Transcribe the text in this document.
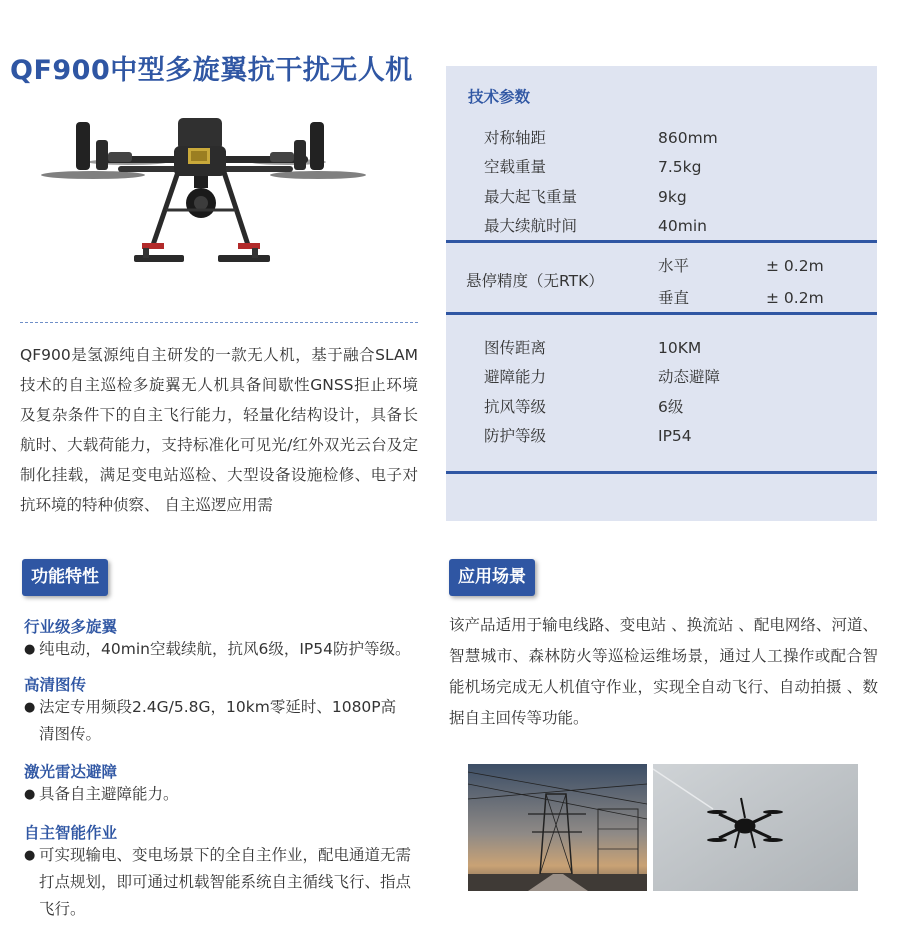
QF900中型多旋翼抗干扰无人机

QF900是氢源纯自主研发的一款无人机，基于融合SLAM技术的自主巡检多旋翼无人机具备间歇性GNSS拒止环境及复杂条件下的自主飞行能力，轻量化结构设计，具备长航时、大载荷能力，支持标准化可见光/红外双光云台及定制化挂载，满足变电站巡检、大型设备设施检修、电子对抗环境的特种侦察、 自主巡逻应用需

技术参数
对称轴距	860mm
空载重量	7.5kg
最大起飞重量	9kg
最大续航时间	40min
悬停精度（无RTK）
水平	± 0.2m
垂直	± 0.2m
图传距离	10KM
避障能力	动态避障
抗风等级	6级
防护等级	IP54
功能特性
行业级多旋翼
● 纯电动，40min空载续航，抗风6级，IP54防护等级。
高清图传
● 法定专用频段2.4G/5.8G，10km零延时、1080P高清图传。
激光雷达避障
● 具备自主避障能力。
自主智能作业
● 可实现输电、变电场景下的全自主作业，配电通道无需打点规划，即可通过机载智能系统自主循线飞行、指点飞行。
应用场景

该产品适用于输电线路、变电站 、换流站 、配电网络、河道、智慧城市、森林防火等巡检运维场景，通过人工操作或配合智能机场完成无人机值守作业，实现全自动飞行、自动拍摄 、数据自主回传等功能。
